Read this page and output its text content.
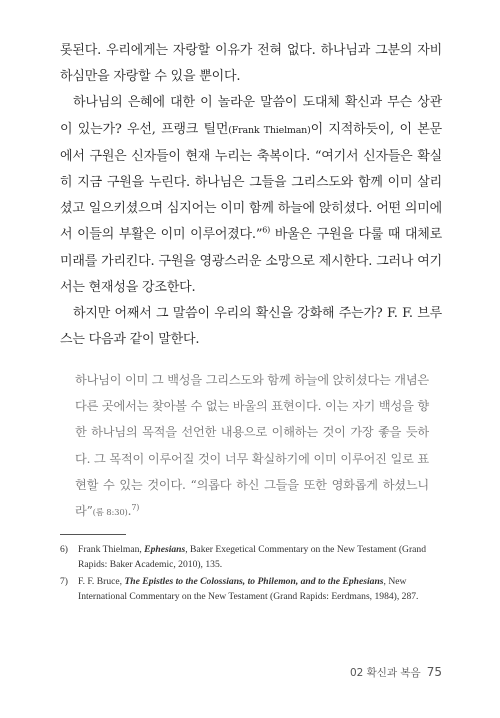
롯된다. 우리에게는 자랑할 이유가 전혀 없다. 하나님과 그분의 자비하심만을 자랑할 수 있을 뿐이다.

하나님의 은혜에 대한 이 놀라운 말씀이 도대체 확신과 무슨 상관이 있는가? 우선, 프랭크 틸먼(Frank Thielman)이 지적하듯이, 이 본문에서 구원은 신자들이 현재 누리는 축복이다. “여기서 신자들은 확실히 지금 구원을 누린다. 하나님은 그들을 그리스도와 함께 이미 살리셨고 일으키셨으며 심지어는 이미 함께 하늘에 앉히셨다. 어떤 의미에서 이들의 부활은 이미 이루어졌다.”$^{6)}$ 바울은 구원을 다룰 때 대체로 미래를 가리킨다. 구원을 영광스러운 소망으로 제시한다. 그러나 여기서는 현재성을 강조한다.

하지만 어째서 그 말씀이 우리의 확신을 강화해 주는가? F. F. 브루스는 다음과 같이 말한다.

하나님이 이미 그 백성을 그리스도와 함께 하늘에 앉히셨다는 개념은 다른 곳에서는 찾아볼 수 없는 바울의 표현이다. 이는 자기 백성을 향한 하나님의 목적을 선언한 내용으로 이해하는 것이 가장 좋을 듯하다. 그 목적이 이루어질 것이 너무 확실하기에 이미 이루어진 일로 표현할 수 있는 것이다. “의롭다 하신 그들을 또한 영화롭게 하셨느니라”(롬 8:30).$^{7)}$

6) Frank Thielman, Ephesians, Baker Exegetical Commentary on the New Testament (Grand Rapids: Baker Academic, 2010), 135.

7) F. F. Bruce, The Epistles to the Colossians, to Philemon, and to the Ephesians, New International Commentary on the New Testament (Grand Rapids: Eerdmans, 1984), 287.

02 확신과 복음 75
